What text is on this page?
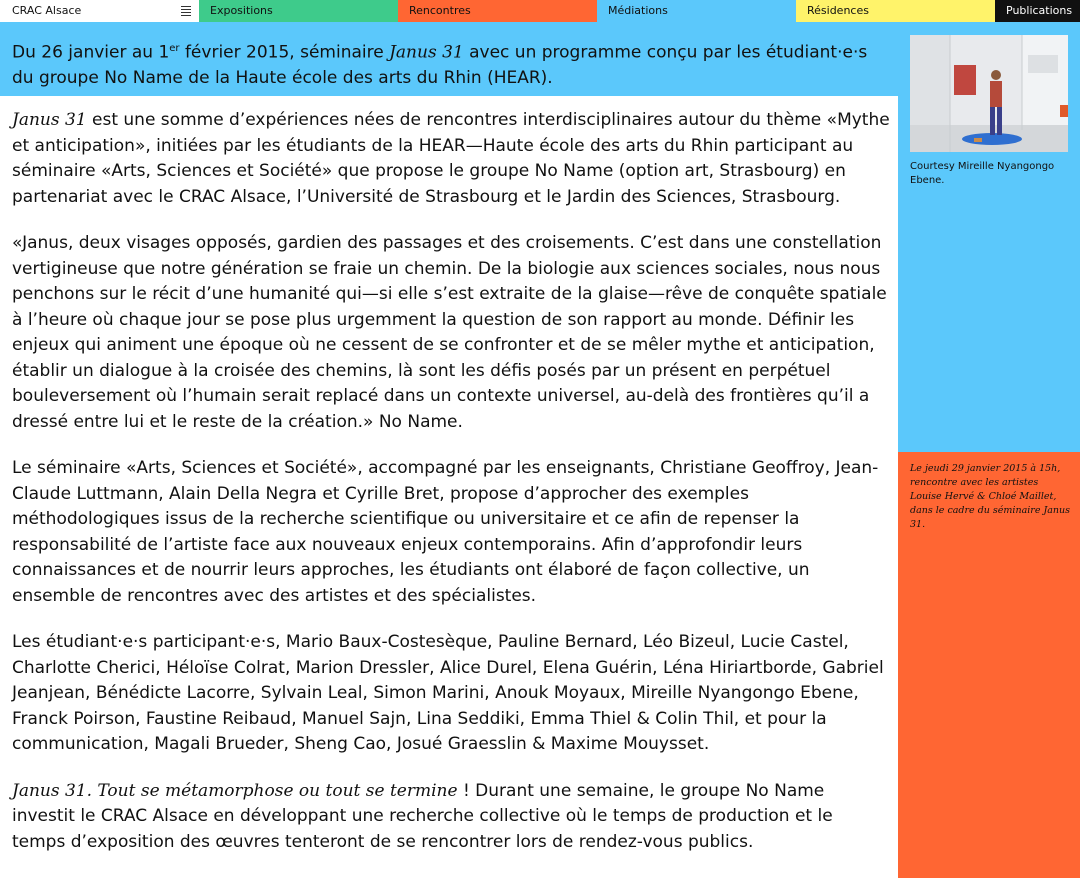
CRAC Alsace	Expositions	Rencontres	Médiations	Résidences	Publications
Du 26 janvier au 1er février 2015, séminaire Janus 31 avec un programme conçu par les étudiant·e·s du groupe No Name de la Haute école des arts du Rhin (HEAR).

Janus 31 est une somme d’expériences nées de rencontres interdisciplinaires autour du thème «Mythe et anticipation», initiées par les étudiants de la HEAR—Haute école des arts du Rhin participant au séminaire «Arts, Sciences et Société» que propose le groupe No Name (option art, Strasbourg) en partenariat avec le CRAC Alsace, l’Université de Strasbourg et le Jardin des Sciences, Strasbourg.

«Janus, deux visages opposés, gardien des passages et des croisements. C’est dans une constellation vertigineuse que notre génération se fraie un chemin. De la biologie aux sciences sociales, nous nous penchons sur le récit d’une humanité qui—si elle s’est extraite de la glaise—rêve de conquête spatiale à l’heure où chaque jour se pose plus urgemment la question de son rapport au monde. Définir les enjeux qui animent une époque où ne cessent de se confronter et de se mêler mythe et anticipation, établir un dialogue à la croisée des chemins, là sont les défis posés par un présent en perpétuel bouleversement où l’humain serait replacé dans un contexte universel, au-delà des frontières qu’il a dressé entre lui et le reste de la création.» No Name.

Le séminaire «Arts, Sciences et Société», accompagné par les enseignants, Christiane Geoffroy, Jean-Claude Luttmann, Alain Della Negra et Cyrille Bret, propose d’approcher des exemples méthodologiques issus de la recherche scientifique ou universitaire et ce afin de repenser la responsabilité de l’artiste face aux nouveaux enjeux contemporains. Afin d’approfondir leurs connaissances et de nourrir leurs approches, les étudiants ont élaboré de façon collective, un ensemble de rencontres avec des artistes et des spécialistes.

Les étudiant·e·s participant·e·s, Mario Baux-Costesèque, Pauline Bernard, Léo Bizeul, Lucie Castel, Charlotte Cherici, Héloïse Colrat, Marion Dressler, Alice Durel, Elena Guérin, Léna Hiriartborde, Gabriel Jeanjean, Bénédicte Lacorre, Sylvain Leal, Simon Marini, Anouk Moyaux, Mireille Nyangongo Ebene, Franck Poirson, Faustine Reibaud, Manuel Sajn, Lina Seddiki, Emma Thiel & Colin Thil, et pour la communication, Magali Brueder, Sheng Cao, Josué Graesslin & Maxime Mouysset.

Janus 31. Tout se métamorphose ou tout se termine ! Durant une semaine, le groupe No Name investit le CRAC Alsace en développant une recherche collective où le temps de production et le temps d’exposition des œuvres tenteront de se rencontrer lors de rendez-vous publics.

Courtesy Mireille Nyangongo Ebene.
Le jeudi 29 janvier 2015 à 15h, rencontre avec les artistes Louise Hervé & Chloé Maillet, dans le cadre du séminaire Janus 31.
